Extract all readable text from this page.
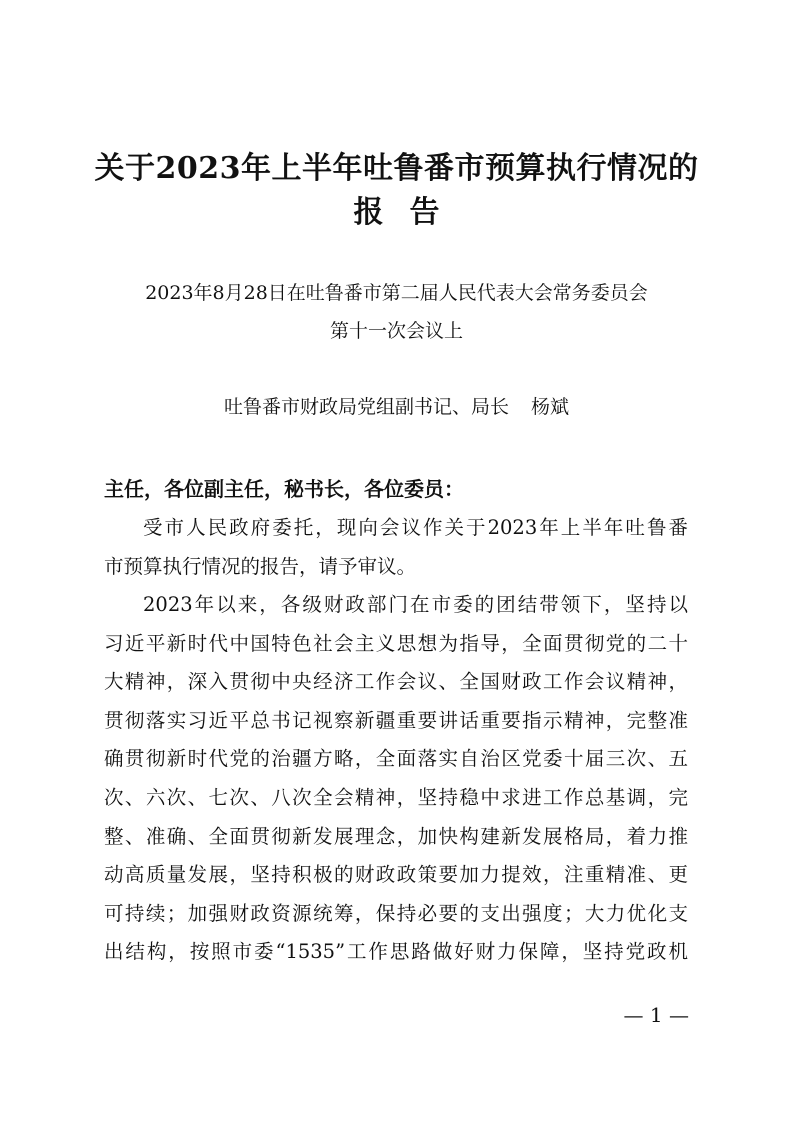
关于2023年上半年吐鲁番市预算执行情况的
报告
2023年8月28日在吐鲁番市第二届人民代表大会常务委员会
第十一次会议上
吐鲁番市财政局党组副书记、局长 杨斌
主任，各位副主任，秘书长，各位委员：
受市人民政府委托，现向会议作关于2023年上半年吐鲁番
市预算执行情况的报告，请予审议。
2023年以来，各级财政部门在市委的团结带领下，坚持以
习近平新时代中国特色社会主义思想为指导，全面贯彻党的二十
大精神，深入贯彻中央经济工作会议、全国财政工作会议精神，
贯彻落实习近平总书记视察新疆重要讲话重要指示精神，完整准
确贯彻新时代党的治疆方略，全面落实自治区党委十届三次、五
次、六次、七次、八次全会精神，坚持稳中求进工作总基调，完
整、准确、全面贯彻新发展理念，加快构建新发展格局，着力推
动高质量发展，坚持积极的财政政策要加力提效，注重精准、更
可持续；加强财政资源统筹，保持必要的支出强度；大力优化支
出结构，按照市委“1535”工作思路做好财力保障，坚持党政机
— 1 —
